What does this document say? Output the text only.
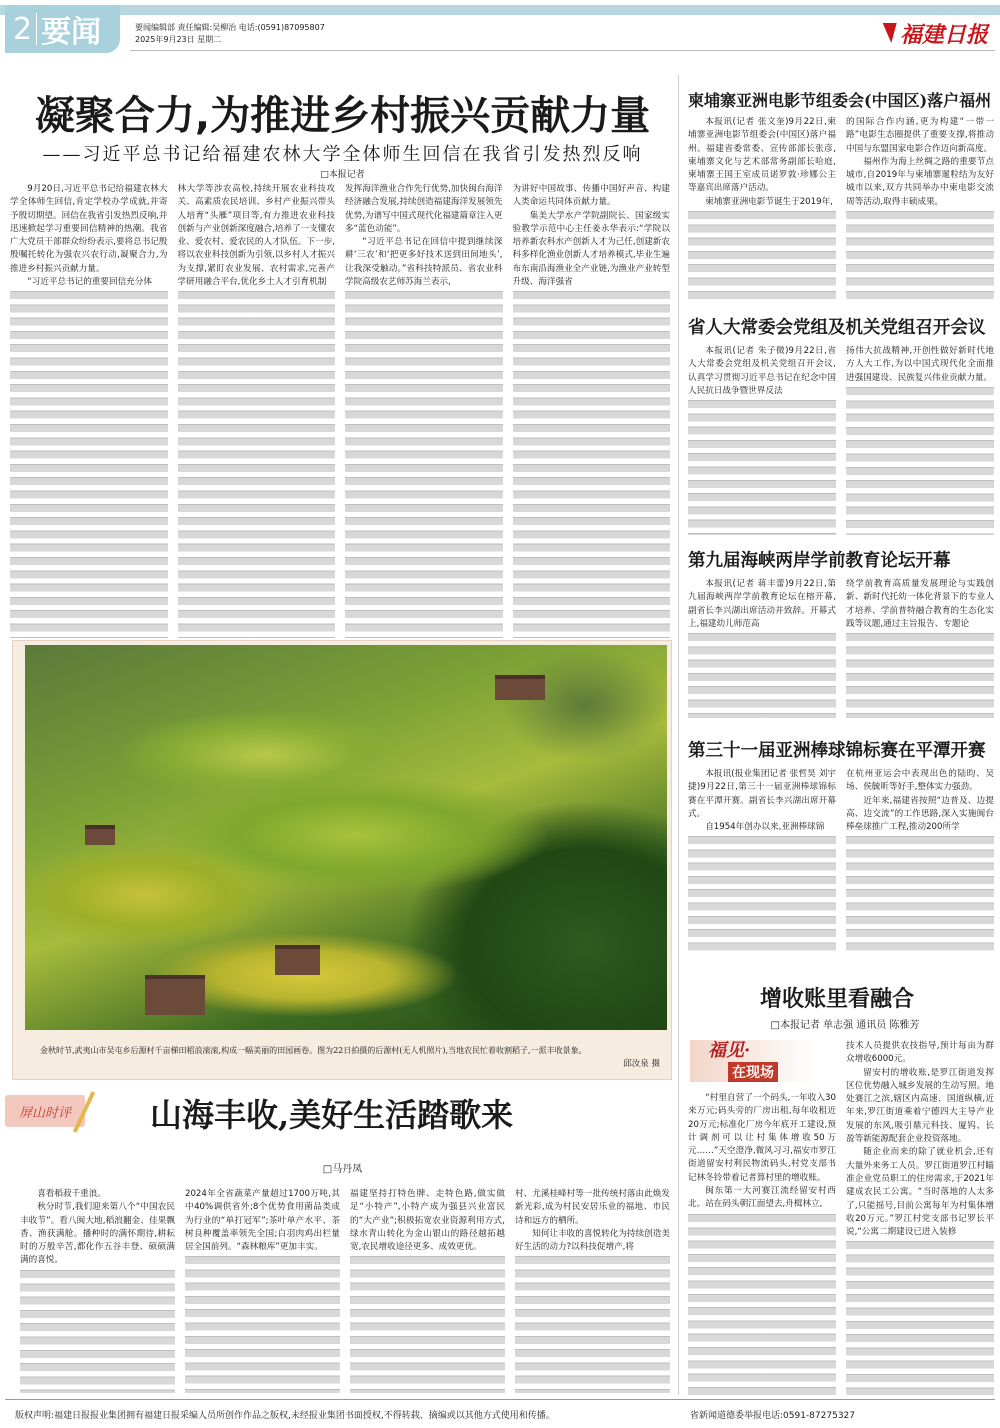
2 要闻	要闻编辑部 责任编辑:吴柳治 电话:(0591)87095807
2025年9月23日 星期二	福建日报
凝聚合力,为推进乡村振兴贡献力量
——习近平总书记给福建农林大学全体师生回信在我省引发热烈反响
□本报记者

9月20日,习近平总书记给福建农林大学全体师生回信,肯定学校办学成就,并寄予殷切期望。回信在我省引发热烈反响,并迅速掀起学习重要回信精神的热潮。我省广大党员干部群众纷纷表示,要将总书记殷殷嘱托转化为强农兴农行动,凝聚合力,为推进乡村振兴贡献力量。

“习近平总书记的重要回信充分体

林大学等涉农高校,持续开展农业科技攻关、高素质农民培训、乡村产业振兴带头人培育“头雁”项目等,有力推进农业科技创新与产业创新深度融合,培养了一支懂农业、爱农村、爱农民的人才队伍。下一步,将以农业科技创新为引领,以乡村人才振兴为支撑,紧盯农业发展、农村需求,完善产学研用融合平台,优化乡土人才引育机制

发挥海洋渔业合作先行优势,加快闽台海洋经济融合发展,持续创造福建海洋发展领先优势,为谱写中国式现代化福建篇章注入更多“蓝色动能”。

“习近平总书记在回信中提到继续深耕‘三农’和‘把更多好技术送到田间地头’,让我深受触动。”省科技特派员、省农业科学院高级农艺师苏海兰表示,

为讲好中国故事、传播中国好声音、构建人类命运共同体贡献力量。

集美大学水产学院副院长、国家级实验教学示范中心主任姜永华表示:“学院以培养新农科水产创新人才为己任,创建新农科多样化渔业创新人才培养模式,毕业生遍布东南沿海渔业全产业链,为渔业产业转型升级、海洋强省

金秋时节,武夷山市吴屯乡后源村千亩梯田稻浪滚滚,构成一幅美丽的田园画卷。图为22日拍摄的后源村(无人机照片),当地农民忙着收割稻子,一派丰收景象。
邱汝泉 摄
屏山时评	山海丰收,美好生活踏歌来
□马丹凤

喜看稻菽千重浪。

秋分时节,我们迎来第八个“中国农民丰收节”。看八闽大地,稻浪翻金、佳果飘香、渔获满舱。播种时的满怀期待,耕耘时的万般辛苦,都化作五谷丰登、硕硕满满的喜悦。

2024年全省蔬菜产量超过1700万吨,其中40%调供省外;8个优势食用菌品类成为行业的“单打冠军”;茶叶单产水平、茶树良种覆盖率领先全国;白羽肉鸡出栏量居全国前列。“森林粮库”更加丰实。

福建坚持打特色牌、走特色路,做实做足“小特产”,小特产成为强县兴业富民的“大产业”;积极拓宽农业资源利用方式,绿水青山转化为金山银山的路径越拓越宽,农民增收途径更多、成效更优。

村、尤溪桂峰村等一批传统村落由此焕发新光彩,成为村民安居乐业的福地、市民诗和远方的栖所。

知何让丰收的喜悦转化为持续创造美好生活的动力?以科技促增产,将

柬埔寨亚洲电影节组委会(中国区)落户福州

本报讯(记者 张文奎)9月22日,柬埔寨亚洲电影节组委会(中国区)落户福州。福建省委常委、宣传部部长张彦,柬埔寨文化与艺术部常务副部长哈庭,柬埔寨王国王室成员诺罗敦·珍娜公主等嘉宾出席落户活动。

柬埔寨亚洲电影节诞生于2019年,

的国际合作内涵,更为构建“一带一路”电影生态圈提供了重要支撑,将推动中国与东盟国家电影合作迈向新高度。

福州作为海上丝绸之路的重要节点城市,自2019年与柬埔寨暹粒结为友好城市以来,双方共同举办中柬电影交流周等活动,取得丰硕成果。

省人大常委会党组及机关党组召开会议

本报讯(记者 朱子微)9月22日,省人大常委会党组及机关党组召开会议,认真学习贯彻习近平总书记在纪念中国人民抗日战争暨世界反法

扬伟大抗战精神,开创性做好新时代地方人大工作,为以中国式现代化全面推进强国建设、民族复兴伟业贡献力量。

第九届海峡两岸学前教育论坛开幕

本报讯(记者 蒋丰蕾)9月22日,第九届海峡两岸学前教育论坛在榕开幕,副省长李兴湖出席活动并致辞。开幕式上,福建幼儿师范高

绕学前教育高质量发展理论与实践创新、新时代托幼一体化背景下的专业人才培养、学前普特融合教育的生态化实践等议题,通过主旨报告、专题论

第三十一届亚洲棒球锦标赛在平潭开赛

本报讯(报业集团记者 张哲昊 刘宇捷)9月22日,第三十一届亚洲棒球锦标赛在平潭开赛。副省长李兴湖出席开幕式。

自1954年创办以来,亚洲棒球锦

在杭州亚运会中表现出色的陆昀、吴场、侯毓昕等好手,整体实力强劲。

近年来,福建省按照“边普及、边提高、边交流”的工作思路,深入实施闽台棒垒球推广工程,推动200所学

增收账里看融合
□本报记者 单志强 通讯员 陈雅芳
福见·
在现场

“村里自营了一个码头,一年收入30来万元;码头旁的厂房出租,每年收租近20万元;标准化厂房今年底开工建设,预计调剂可以让村集体增收50万元……”天空澄净,微风习习,福安市罗江街道留安村利民物流码头,村党支部书记林冬铃带着记者算村里的增收账。

闽东第一大河赛江流经留安村西北。站在码头朝江面望去,舟楫林立,

技术人员提供农技指导,预计每亩为群众增收6000元。

留安村的增收账,是罗江街道发挥区位优势融入城乡发展的生动写照。地处赛江之滨,辖区内高速、国道纵横,近年来,罗江街道乘着宁德四大主导产业发展的东风,吸引鼎元科技、厦钨、长盈等新能源配套企业投资落地。

随企业而来的除了就业机会,还有大量外来务工人员。罗江街道罗江村瞄准企业党员职工的住房需求,于2021年建成农民工公寓。“当时落地的人太多了,只能摇号,目前公寓每年为村集体增收20万元。”罗江村党支部书记罗长平说,“公寓二期建设已进入装修

版权声明:福建日报报业集团拥有福建日报采编人员所创作作品之版权,未经报业集团书面授权,不得转载、摘编或以其他方式使用和传播。	省新闻道德委举报电话:0591-87275327
